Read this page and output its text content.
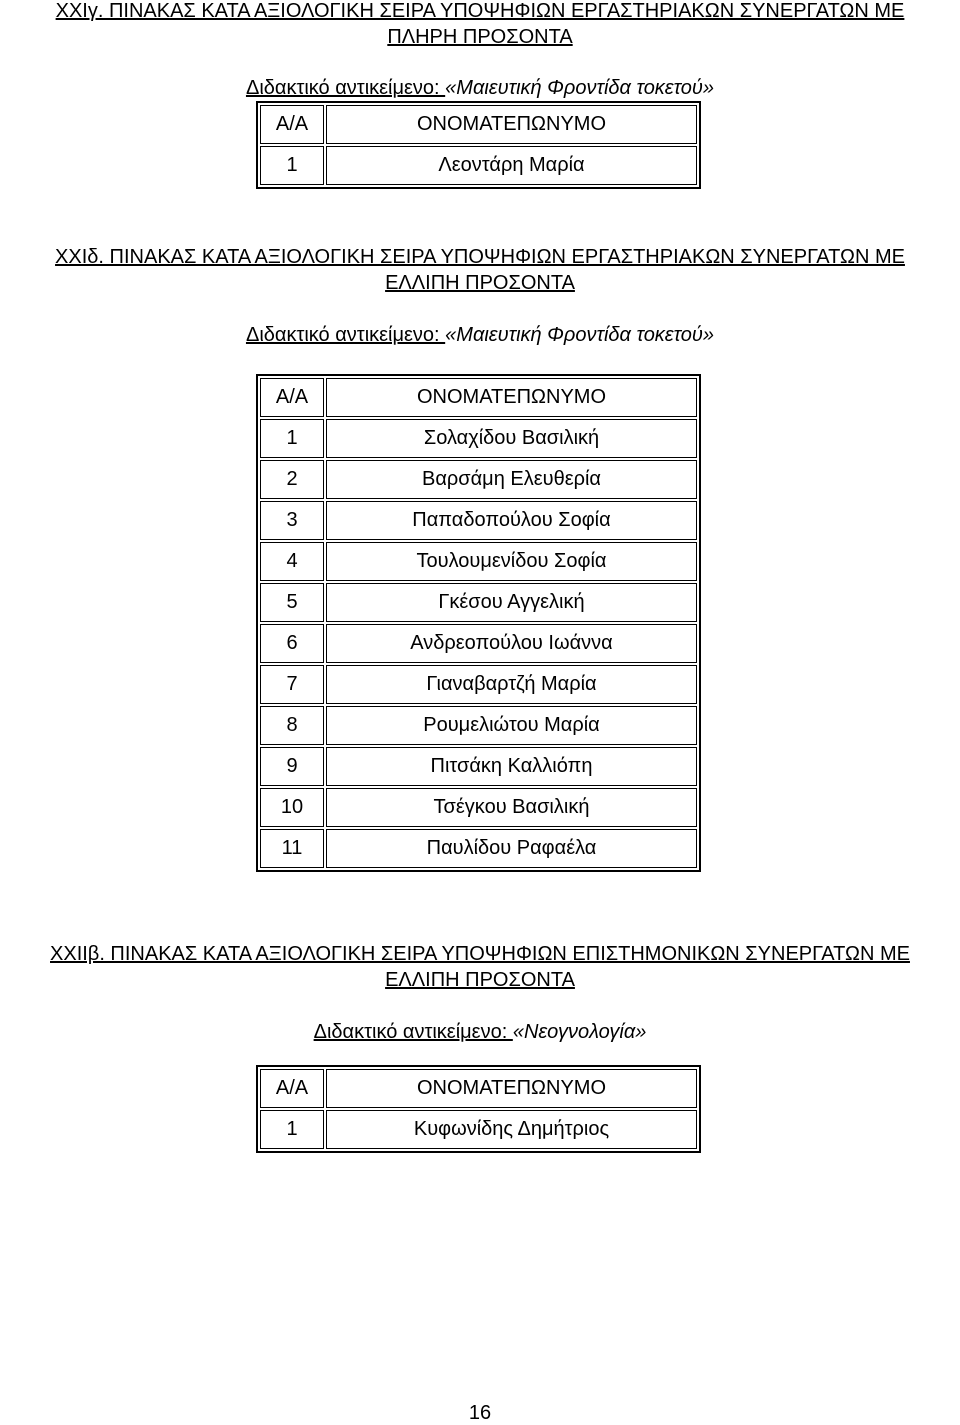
XXIγ. ΠΙΝΑΚΑΣ ΚΑΤΑ ΑΞΙΟΛΟΓΙΚΗ ΣΕΙΡΑ ΥΠΟΨΗΦΙΩΝ ΕΡΓΑΣΤΗΡΙΑΚΩΝ ΣΥΝΕΡΓΑΤΩΝ ΜΕ
ΠΛΗΡΗ ΠΡΟΣΟΝΤΑ
Διδακτικό αντικείμενο: «Μαιευτική Φροντίδα τοκετού»
Α/Α	ΟΝΟΜΑΤΕΠΩΝΥΜΟ
1	Λεοντάρη Μαρία
XXIδ. ΠΙΝΑΚΑΣ ΚΑΤΑ ΑΞΙΟΛΟΓΙΚΗ ΣΕΙΡΑ ΥΠΟΨΗΦΙΩΝ ΕΡΓΑΣΤΗΡΙΑΚΩΝ ΣΥΝΕΡΓΑΤΩΝ ΜΕ
ΕΛΛΙΠΗ ΠΡΟΣΟΝΤΑ
Διδακτικό αντικείμενο: «Μαιευτική Φροντίδα τοκετού»
Α/Α	ΟΝΟΜΑΤΕΠΩΝΥΜΟ
1	Σολαχίδου Βασιλική
2	Βαρσάμη Ελευθερία
3	Παπαδοπούλου Σοφία
4	Τουλουμενίδου Σοφία
5	Γκέσου Αγγελική
6	Ανδρεοπούλου Ιωάννα
7	Γιαναβαρτζή Μαρία
8	Ρουμελιώτου Μαρία
9	Πιτσάκη Καλλιόπη
10	Τσέγκου Βασιλική
11	Παυλίδου Ραφαέλα
XXIIβ. ΠΙΝΑΚΑΣ ΚΑΤΑ ΑΞΙΟΛΟΓΙΚΗ ΣΕΙΡΑ ΥΠΟΨΗΦΙΩΝ ΕΠΙΣΤΗΜΟΝΙΚΩΝ ΣΥΝΕΡΓΑΤΩΝ ΜΕ
ΕΛΛΙΠΗ ΠΡΟΣΟΝΤΑ
Διδακτικό αντικείμενο: «Νεογνολογία»
Α/Α	ΟΝΟΜΑΤΕΠΩΝΥΜΟ
1	Κυφωνίδης Δημήτριος
16
